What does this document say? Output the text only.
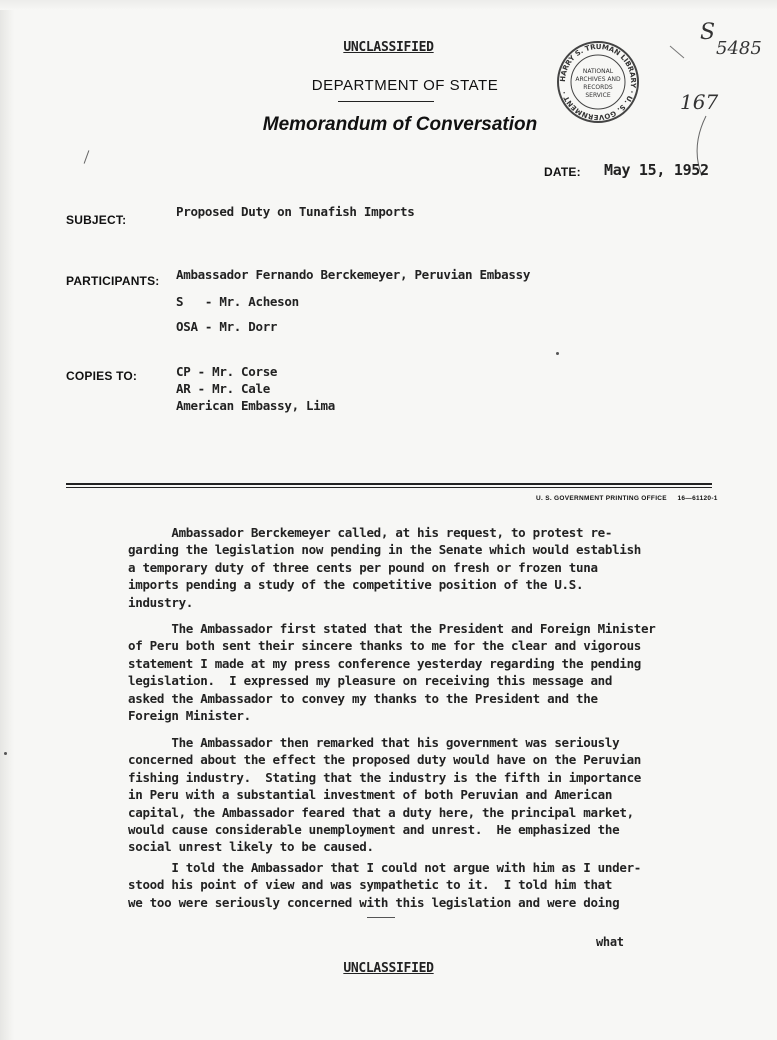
UNCLASSIFIED
DEPARTMENT OF STATE
Memorandum of Conversation
HARRY S. TRUMAN LIBRARY · U. S. GOVERNMENT ·
NATIONAL
ARCHIVES AND
RECORDS
SERVICE
S
5485
167
DATE: May 15, 1952
SUBJECT:
Proposed Duty on Tunafish Imports
PARTICIPANTS: Ambassador Fernando Berckemeyer, Peruvian Embassy
S   - Mr. Acheson
OSA - Mr. Dorr
COPIES TO:	CP - Mr. Corse
AR - Mr. Cale
American Embassy, Lima
U. S. GOVERNMENT PRINTING OFFICE     16—61120-1
Ambassador Berckemeyer called, at his request, to protest re-
garding the legislation now pending in the Senate which would establish
a temporary duty of three cents per pound on fresh or frozen tuna
imports pending a study of the competitive position of the U.S.
industry.
The Ambassador first stated that the President and Foreign Minister
of Peru both sent their sincere thanks to me for the clear and vigorous
statement I made at my press conference yesterday regarding the pending
legislation.  I expressed my pleasure on receiving this message and
asked the Ambassador to convey my thanks to the President and the
Foreign Minister.
The Ambassador then remarked that his government was seriously
concerned about the effect the proposed duty would have on the Peruvian
fishing industry.  Stating that the industry is the fifth in importance
in Peru with a substantial investment of both Peruvian and American
capital, the Ambassador feared that a duty here, the principal market,
would cause considerable unemployment and unrest.  He emphasized the
social unrest likely to be caused.
I told the Ambassador that I could not argue with him as I under-
stood his point of view and was sympathetic to it.  I told him that
we too were seriously concerned with this legislation and were doing
what
UNCLASSIFIED
